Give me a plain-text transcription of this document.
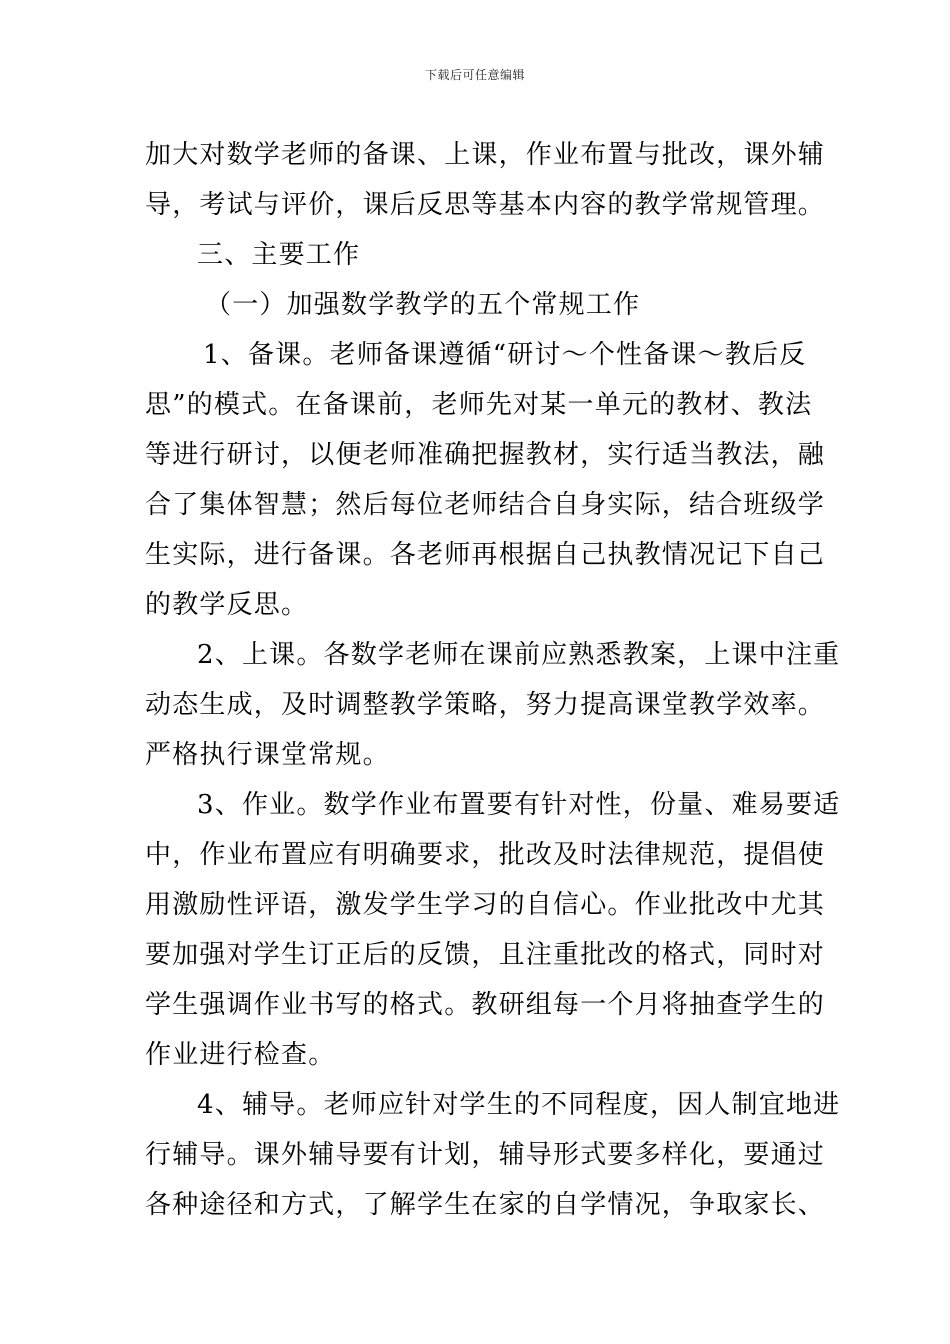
下载后可任意编辑
加大对数学老师的备课、上课，作业布置与批改，课外辅
导，考试与评价，课后反思等基本内容的教学常规管理。
三、主要工作
（一）加强数学教学的五个常规工作
1、备课。老师备课遵循“研讨～个性备课～教后反
思”的模式。在备课前，老师先对某一单元的教材、教法
等进行研讨，以便老师准确把握教材，实行适当教法，融
合了集体智慧；然后每位老师结合自身实际，结合班级学
生实际，进行备课。各老师再根据自己执教情况记下自己
的教学反思。
2、上课。各数学老师在课前应熟悉教案，上课中注重
动态生成，及时调整教学策略，努力提高课堂教学效率。
严格执行课堂常规。
3、作业。数学作业布置要有针对性，份量、难易要适
中，作业布置应有明确要求，批改及时法律规范，提倡使
用激励性评语，激发学生学习的自信心。作业批改中尤其
要加强对学生订正后的反馈，且注重批改的格式，同时对
学生强调作业书写的格式。教研组每一个月将抽查学生的
作业进行检查。
4、辅导。老师应针对学生的不同程度，因人制宜地进
行辅导。课外辅导要有计划，辅导形式要多样化，要通过
各种途径和方式，了解学生在家的自学情况，争取家长、
